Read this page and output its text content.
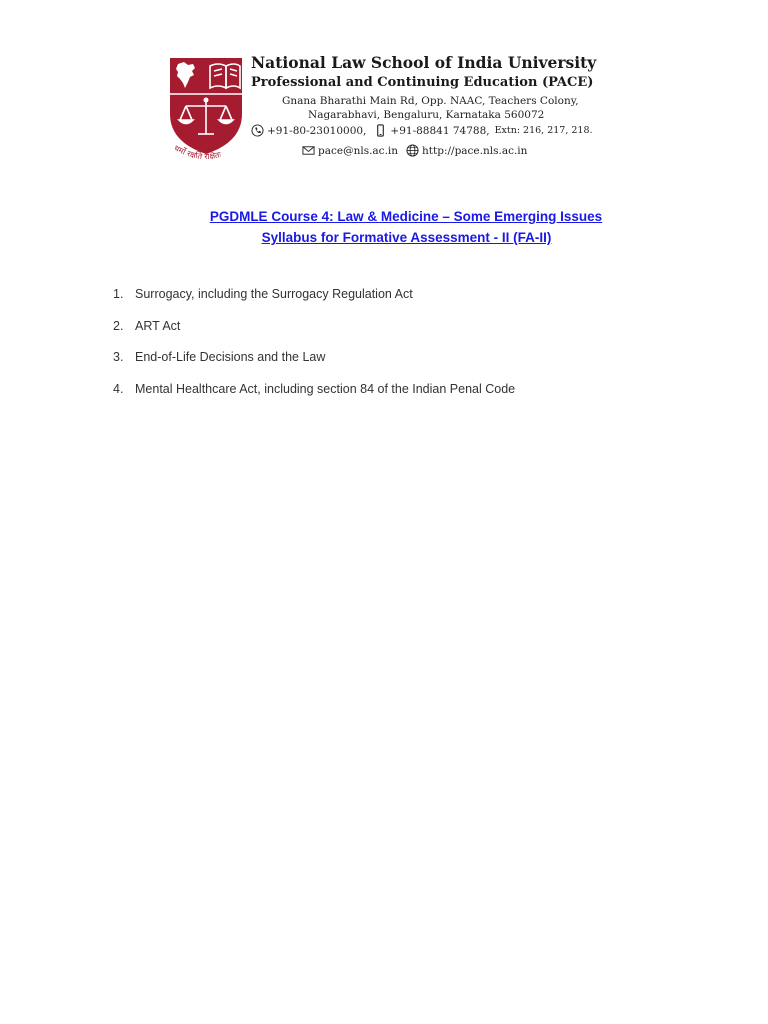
धर्मो रक्षति रक्षितः
National Law School of India University
Professional and Continuing Education (PACE)
Gnana Bharathi Main Rd, Opp. NAAC, Teachers Colony,
Nagarabhavi, Bengaluru, Karnataka 560072
+91-80-23010000, +91-88841 74788, Extn: 216, 217, 218.
pace@nls.ac.in http://pace.nls.ac.in
PGDMLE Course 4: Law & Medicine – Some Emerging Issues
Syllabus for Formative Assessment - II (FA-II)
1. Surrogacy, including the Surrogacy Regulation Act
2. ART Act
3. End-of-Life Decisions and the Law
4. Mental Healthcare Act, including section 84 of the Indian Penal Code
